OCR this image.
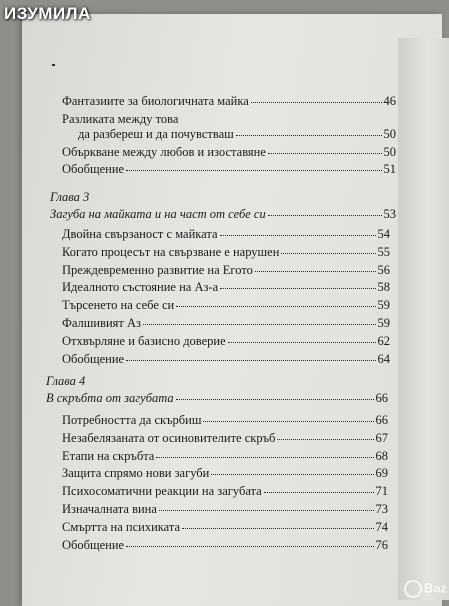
ИЗУМИЛА
Фантазиите за биологичната майка	46
Разликата между това
да разбереш и да почувстваш	50
Объркване между любов и изоставяне	50
Обобщение	51
Глава 3
Загуба на майката и на част от себе си	53
Двойна свързаност с майката	54
Когато процесът на свързване е нарушен	55
Преждевременно развитие на Егото	56
Идеалното състояние на Аз-а	58
Търсенето на себе си	59
Фалшивият Аз	59
Отхвърляне и базисно доверие	62
Обобщение	64
Глава 4
В скръбта от загубата	66
Потребността да скърбиш	66
Незабелязаната от осиновителите скръб	67
Етапи на скръбта	68
Защита спрямо нови загуби	69
Психосоматични реакции на загубата	71
Изначалната вина	73
Смъртта на психиката	74
Обобщение	76
Baz
